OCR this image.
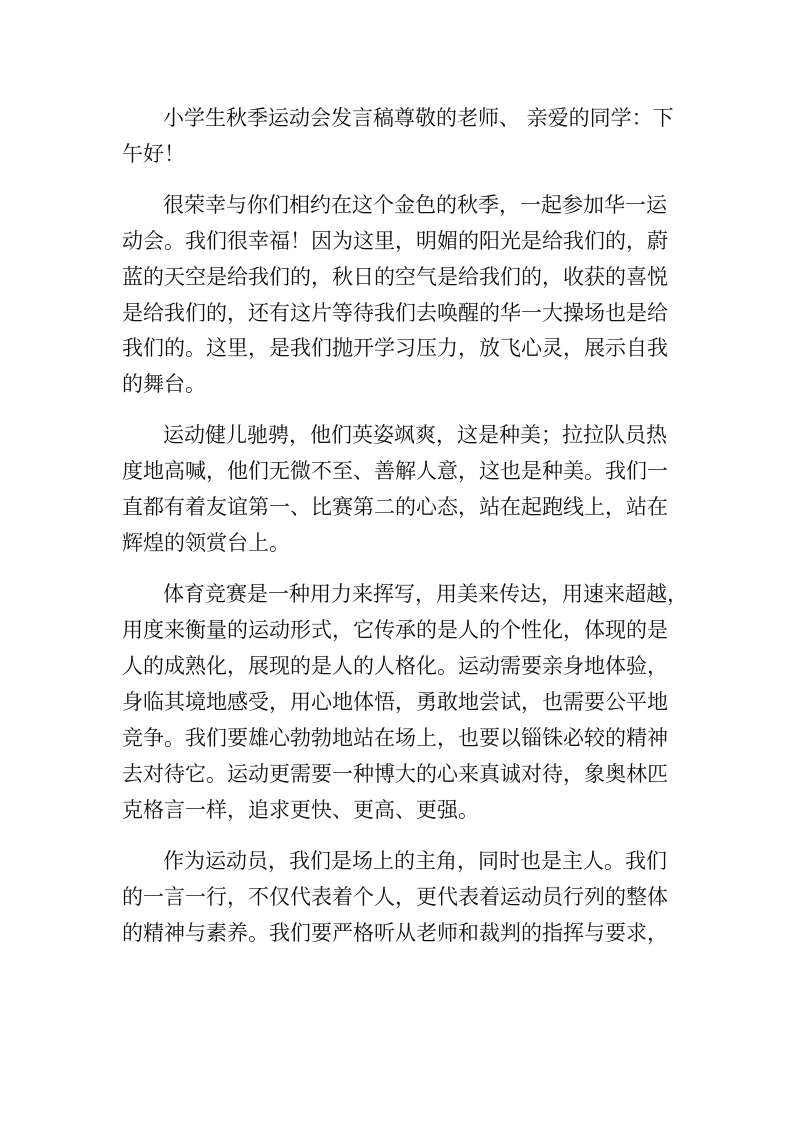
小学生秋季运动会发言稿尊敬的老师、 亲爱的同学：下
午好！
很荣幸与你们相约在这个金色的秋季，一起参加华一运
动会。我们很幸福！因为这里，明媚的阳光是给我们的，蔚
蓝的天空是给我们的，秋日的空气是给我们的，收获的喜悦
是给我们的，还有这片等待我们去唤醒的华一大操场也是给
我们的。这里，是我们抛开学习压力，放飞心灵，展示自我
的舞台。
运动健儿驰骋，他们英姿飒爽，这是种美；拉拉队员热
度地高喊，他们无微不至、善解人意，这也是种美。我们一
直都有着友谊第一、比赛第二的心态，站在起跑线上，站在
辉煌的领赏台上。
体育竞赛是一种用力来挥写，用美来传达，用速来超越，
用度来衡量的运动形式，它传承的是人的个性化，体现的是
人的成熟化，展现的是人的人格化。运动需要亲身地体验，
身临其境地感受，用心地体悟，勇敢地尝试，也需要公平地
竞争。我们要雄心勃勃地站在场上，也要以锱铢必较的精神
去对待它。运动更需要一种博大的心来真诚对待，象奥林匹
克格言一样，追求更快、更高、更强。
作为运动员，我们是场上的主角，同时也是主人。我们
的一言一行，不仅代表着个人，更代表着运动员行列的整体
的精神与素养。我们要严格听从老师和裁判的指挥与要求，
